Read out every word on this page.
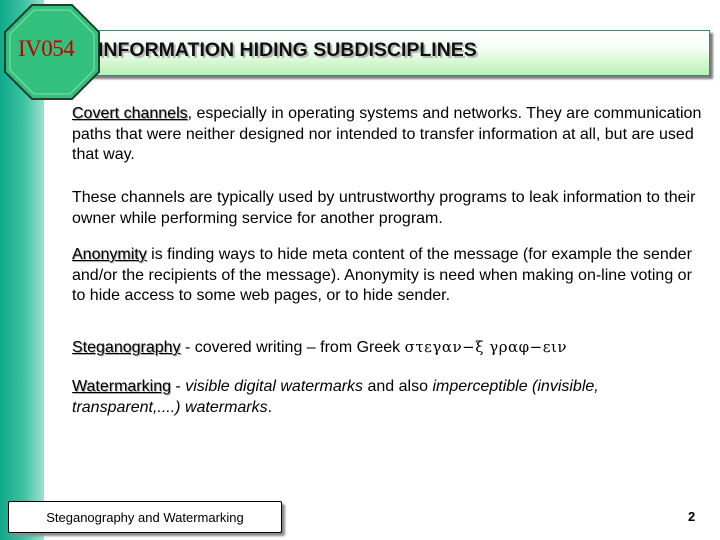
IV054	INFORMATION HIDING SUBDISCIPLINES

Covert channels, especially in operating systems and networks. They are communication paths that were neither designed nor intended to transfer information at all, but are used that way.

These channels are typically used by untrustworthy programs to leak information to their owner while performing service for another program.

Anonymity is finding ways to hide meta content of the message (for example the sender and/or the recipients of the message). Anonymity is need when making on-line voting or to hide access to some web pages, or to hide sender.

Steganography - covered writing – from Greek στεγαν−ξ γραφ−ειν

Watermarking - visible digital watermarks and also imperceptible (invisible, transparent,....) watermarks.

Steganography and Watermarking	2
